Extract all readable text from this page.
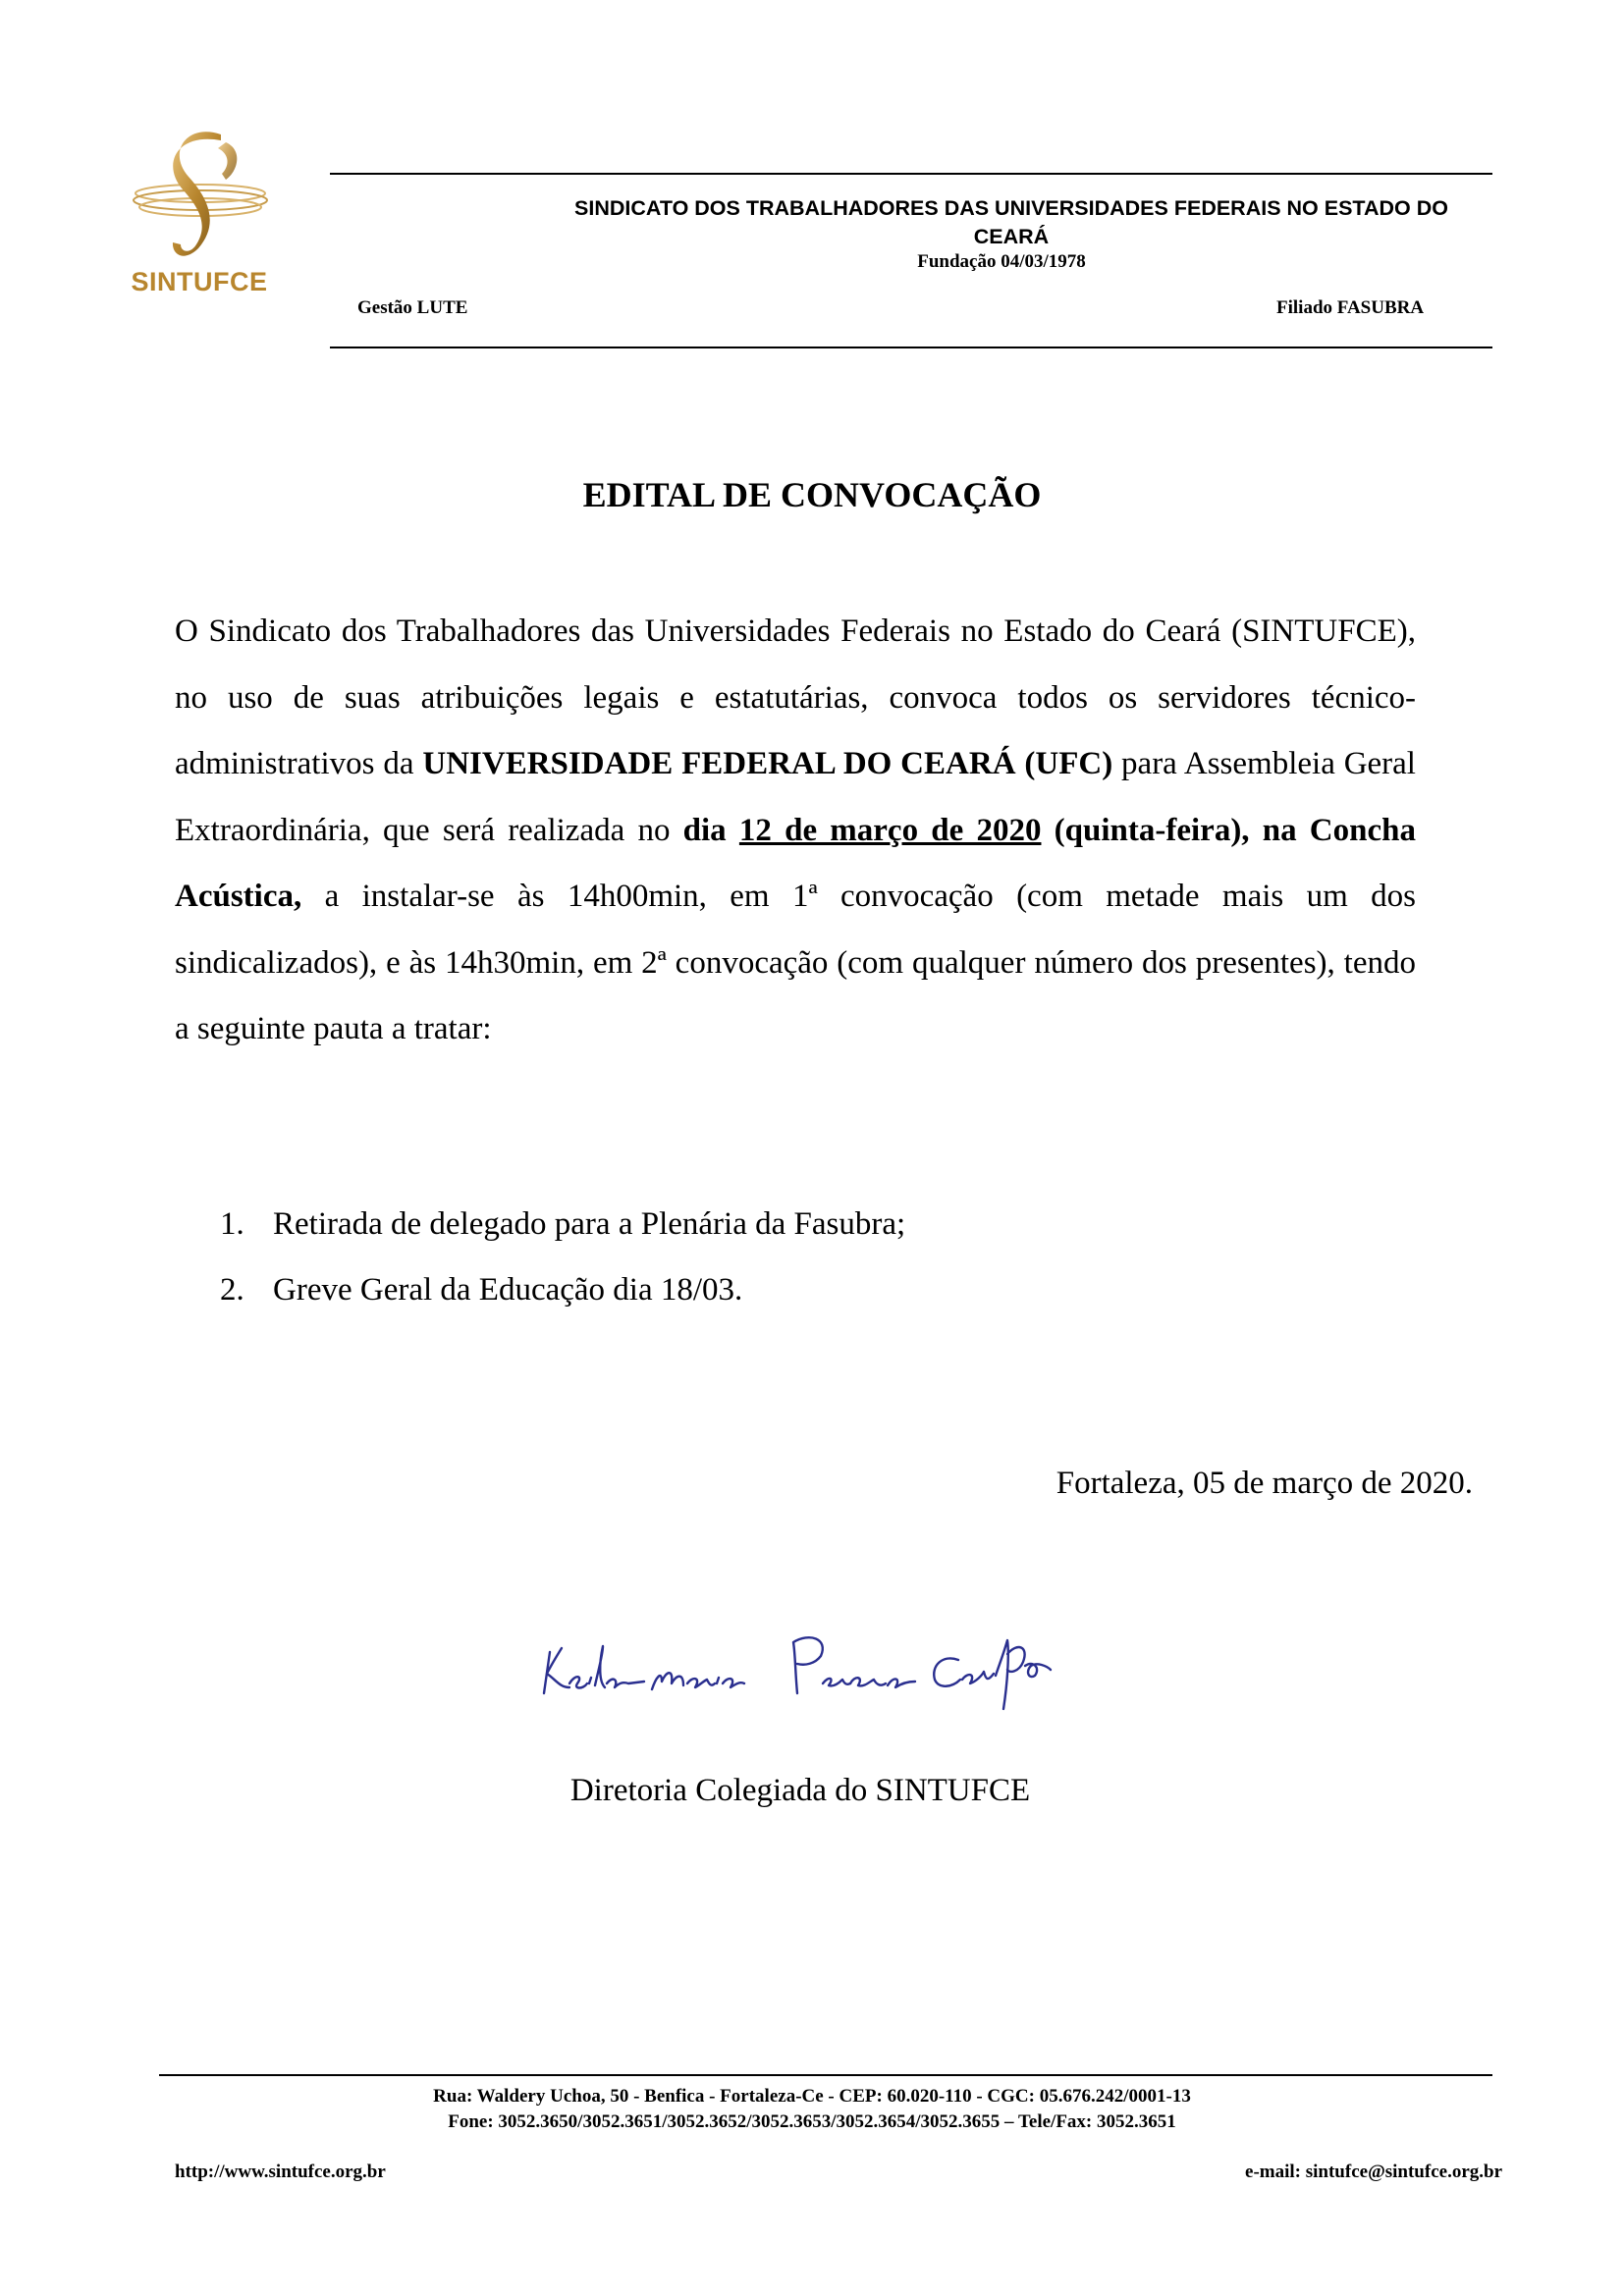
SINTUFCE
SINDICATO DOS TRABALHADORES DAS UNIVERSIDADES FEDERAIS NO ESTADO DO
CEARÁ
Fundação 04/03/1978
Gestão LUTE	Filiado FASUBRA
EDITAL DE CONVOCAÇÃO
O Sindicato dos Trabalhadores das Universidades Federais no Estado do Ceará (SINTUFCE), no uso de suas atribuições legais e estatutárias, convoca todos os servidores técnico-administrativos da UNIVERSIDADE FEDERAL DO CEARÁ (UFC) para Assembleia Geral Extraordinária, que será realizada no dia 12 de março de 2020 (quinta-feira), na Concha Acústica, a instalar-se às 14h00min, em 1ª convocação (com metade mais um dos sindicalizados), e às 14h30min, em 2ª convocação (com qualquer número dos presentes), tendo a seguinte pauta a tratar:
1. Retirada de delegado para a Plenária da Fasubra;
2. Greve Geral da Educação dia 18/03.
Fortaleza, 05 de março de 2020.
Diretoria Colegiada do SINTUFCE
Rua: Waldery Uchoa, 50 - Benfica - Fortaleza-Ce - CEP: 60.020-110 - CGC: 05.676.242/0001-13
Fone: 3052.3650/3052.3651/3052.3652/3052.3653/3052.3654/3052.3655 – Tele/Fax: 3052.3651
http://www.sintufce.org.br	e-mail: sintufce@sintufce.org.br
